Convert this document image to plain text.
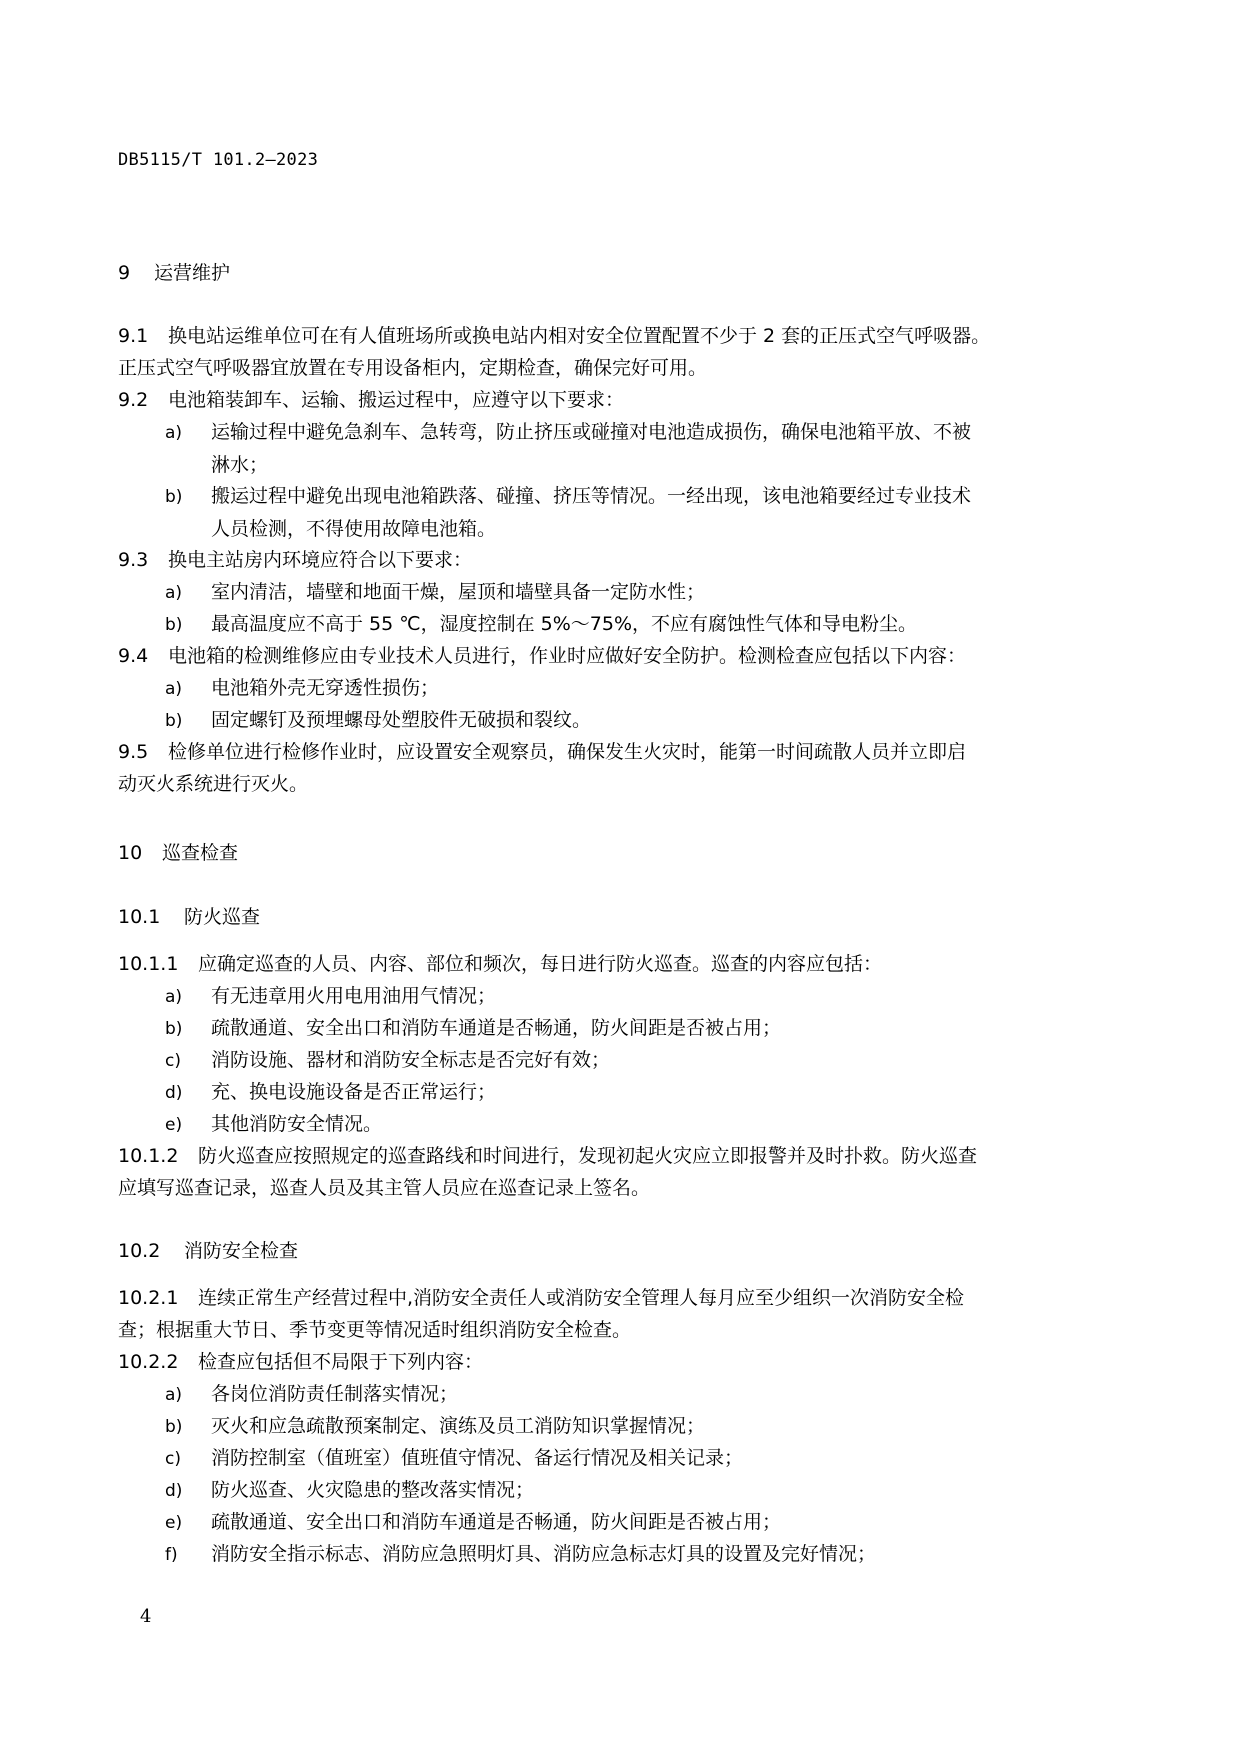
DB5115/T 101.2—2023
9 运营维护
9.1 换电站运维单位可在有人值班场所或换电站内相对安全位置配置不少于 2 套的正压式空气呼吸器。
正压式空气呼吸器宜放置在专用设备柜内，定期检查，确保完好可用。
9.2 电池箱装卸车、运输、搬运过程中，应遵守以下要求：
a) 运输过程中避免急刹车、急转弯，防止挤压或碰撞对电池造成损伤，确保电池箱平放、不被
淋水；
b) 搬运过程中避免出现电池箱跌落、碰撞、挤压等情况。一经出现，该电池箱要经过专业技术
人员检测，不得使用故障电池箱。
9.3 换电主站房内环境应符合以下要求：
a) 室内清洁，墙壁和地面干燥，屋顶和墙壁具备一定防水性；
b) 最高温度应不高于 55 ℃，湿度控制在 5%～75%，不应有腐蚀性气体和导电粉尘。
9.4 电池箱的检测维修应由专业技术人员进行，作业时应做好安全防护。检测检查应包括以下内容：
a) 电池箱外壳无穿透性损伤；
b) 固定螺钉及预埋螺母处塑胶件无破损和裂纹。
9.5 检修单位进行检修作业时，应设置安全观察员，确保发生火灾时，能第一时间疏散人员并立即启
动灭火系统进行灭火。
10 巡查检查
10.1 防火巡查
10.1.1 应确定巡查的人员、内容、部位和频次，每日进行防火巡查。巡查的内容应包括：
a) 有无违章用火用电用油用气情况；
b) 疏散通道、安全出口和消防车通道是否畅通，防火间距是否被占用；
c) 消防设施、器材和消防安全标志是否完好有效；
d) 充、换电设施设备是否正常运行；
e) 其他消防安全情况。
10.1.2 防火巡查应按照规定的巡查路线和时间进行，发现初起火灾应立即报警并及时扑救。防火巡查
应填写巡查记录，巡查人员及其主管人员应在巡查记录上签名。
10.2 消防安全检查
10.2.1 连续正常生产经营过程中,消防安全责任人或消防安全管理人每月应至少组织一次消防安全检
查；根据重大节日、季节变更等情况适时组织消防安全检查。
10.2.2 检查应包括但不局限于下列内容：
a) 各岗位消防责任制落实情况；
b) 灭火和应急疏散预案制定、演练及员工消防知识掌握情况；
c) 消防控制室（值班室）值班值守情况、备运行情况及相关记录；
d) 防火巡查、火灾隐患的整改落实情况；
e) 疏散通道、安全出口和消防车通道是否畅通，防火间距是否被占用；
f) 消防安全指示标志、消防应急照明灯具、消防应急标志灯具的设置及完好情况；
4
